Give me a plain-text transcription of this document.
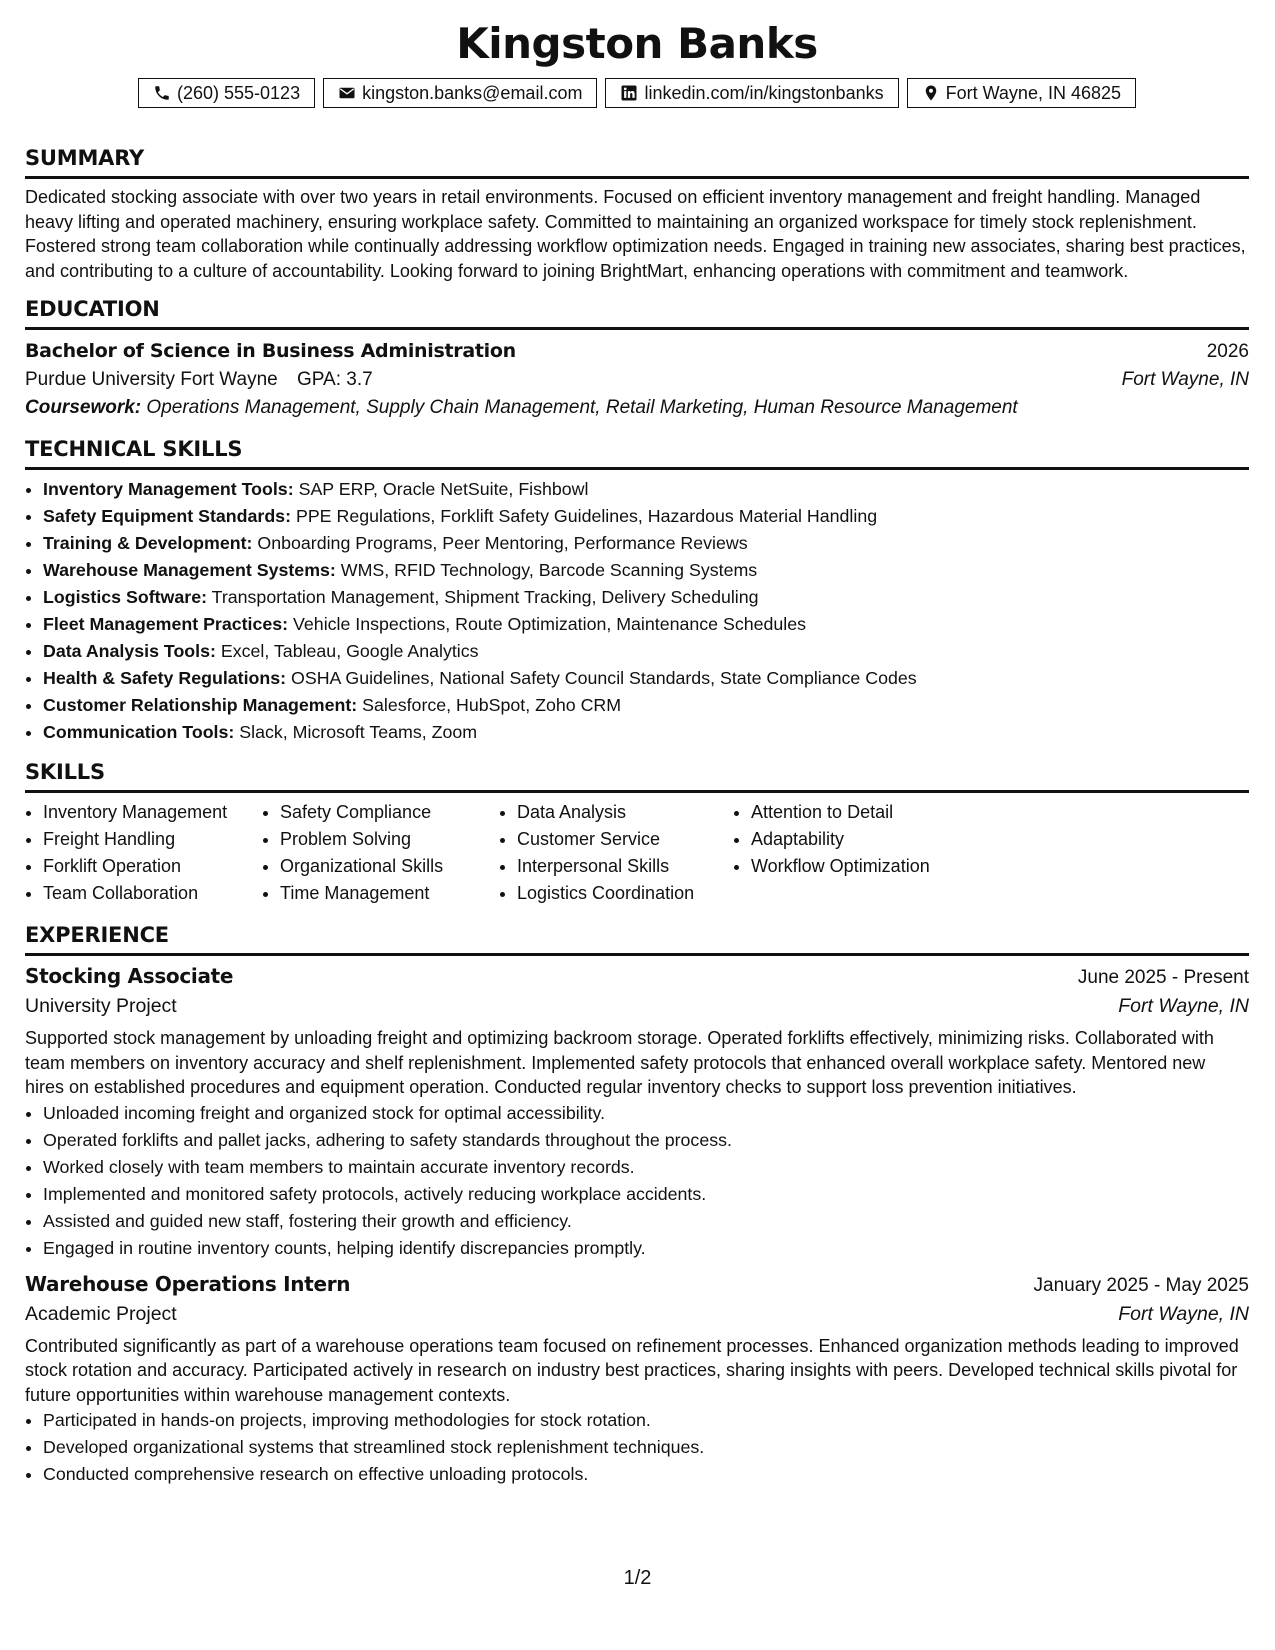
Kingston Banks
(260) 555-0123	kingston.banks@email.com	linkedin.com/in/kingstonbanks	Fort Wayne, IN 46825
SUMMARY
Dedicated stocking associate with over two years in retail environments. Focused on efficient inventory management and freight handling. Managed heavy lifting and operated machinery, ensuring workplace safety. Committed to maintaining an organized workspace for timely stock replenishment. Fostered strong team collaboration while continually addressing workflow optimization needs. Engaged in training new associates, sharing best practices, and contributing to a culture of accountability. Looking forward to joining BrightMart, enhancing operations with commitment and teamwork.
EDUCATION
Bachelor of Science in Business Administration	2026
Purdue University Fort Wayne GPA: 3.7	Fort Wayne, IN
Coursework: Operations Management, Supply Chain Management, Retail Marketing, Human Resource Management
TECHNICAL SKILLS
• Inventory Management Tools: SAP ERP, Oracle NetSuite, Fishbowl
• Safety Equipment Standards: PPE Regulations, Forklift Safety Guidelines, Hazardous Material Handling
• Training & Development: Onboarding Programs, Peer Mentoring, Performance Reviews
• Warehouse Management Systems: WMS, RFID Technology, Barcode Scanning Systems
• Logistics Software: Transportation Management, Shipment Tracking, Delivery Scheduling
• Fleet Management Practices: Vehicle Inspections, Route Optimization, Maintenance Schedules
• Data Analysis Tools: Excel, Tableau, Google Analytics
• Health & Safety Regulations: OSHA Guidelines, National Safety Council Standards, State Compliance Codes
• Customer Relationship Management: Salesforce, HubSpot, Zoho CRM
• Communication Tools: Slack, Microsoft Teams, Zoom
SKILLS
• Inventory Management
• Freight Handling
• Forklift Operation
• Team Collaboration
• Safety Compliance
• Problem Solving
• Organizational Skills
• Time Management
• Data Analysis
• Customer Service
• Interpersonal Skills
• Logistics Coordination
• Attention to Detail
• Adaptability
• Workflow Optimization
EXPERIENCE
Stocking Associate	June 2025 - Present
University Project	Fort Wayne, IN
Supported stock management by unloading freight and optimizing backroom storage. Operated forklifts effectively, minimizing risks. Collaborated with team members on inventory accuracy and shelf replenishment. Implemented safety protocols that enhanced overall workplace safety. Mentored new hires on established procedures and equipment operation. Conducted regular inventory checks to support loss prevention initiatives.
• Unloaded incoming freight and organized stock for optimal accessibility.
• Operated forklifts and pallet jacks, adhering to safety standards throughout the process.
• Worked closely with team members to maintain accurate inventory records.
• Implemented and monitored safety protocols, actively reducing workplace accidents.
• Assisted and guided new staff, fostering their growth and efficiency.
• Engaged in routine inventory counts, helping identify discrepancies promptly.
Warehouse Operations Intern	January 2025 - May 2025
Academic Project	Fort Wayne, IN
Contributed significantly as part of a warehouse operations team focused on refinement processes. Enhanced organization methods leading to improved stock rotation and accuracy. Participated actively in research on industry best practices, sharing insights with peers. Developed technical skills pivotal for future opportunities within warehouse management contexts.
• Participated in hands-on projects, improving methodologies for stock rotation.
• Developed organizational systems that streamlined stock replenishment techniques.
• Conducted comprehensive research on effective unloading protocols.
1/2
